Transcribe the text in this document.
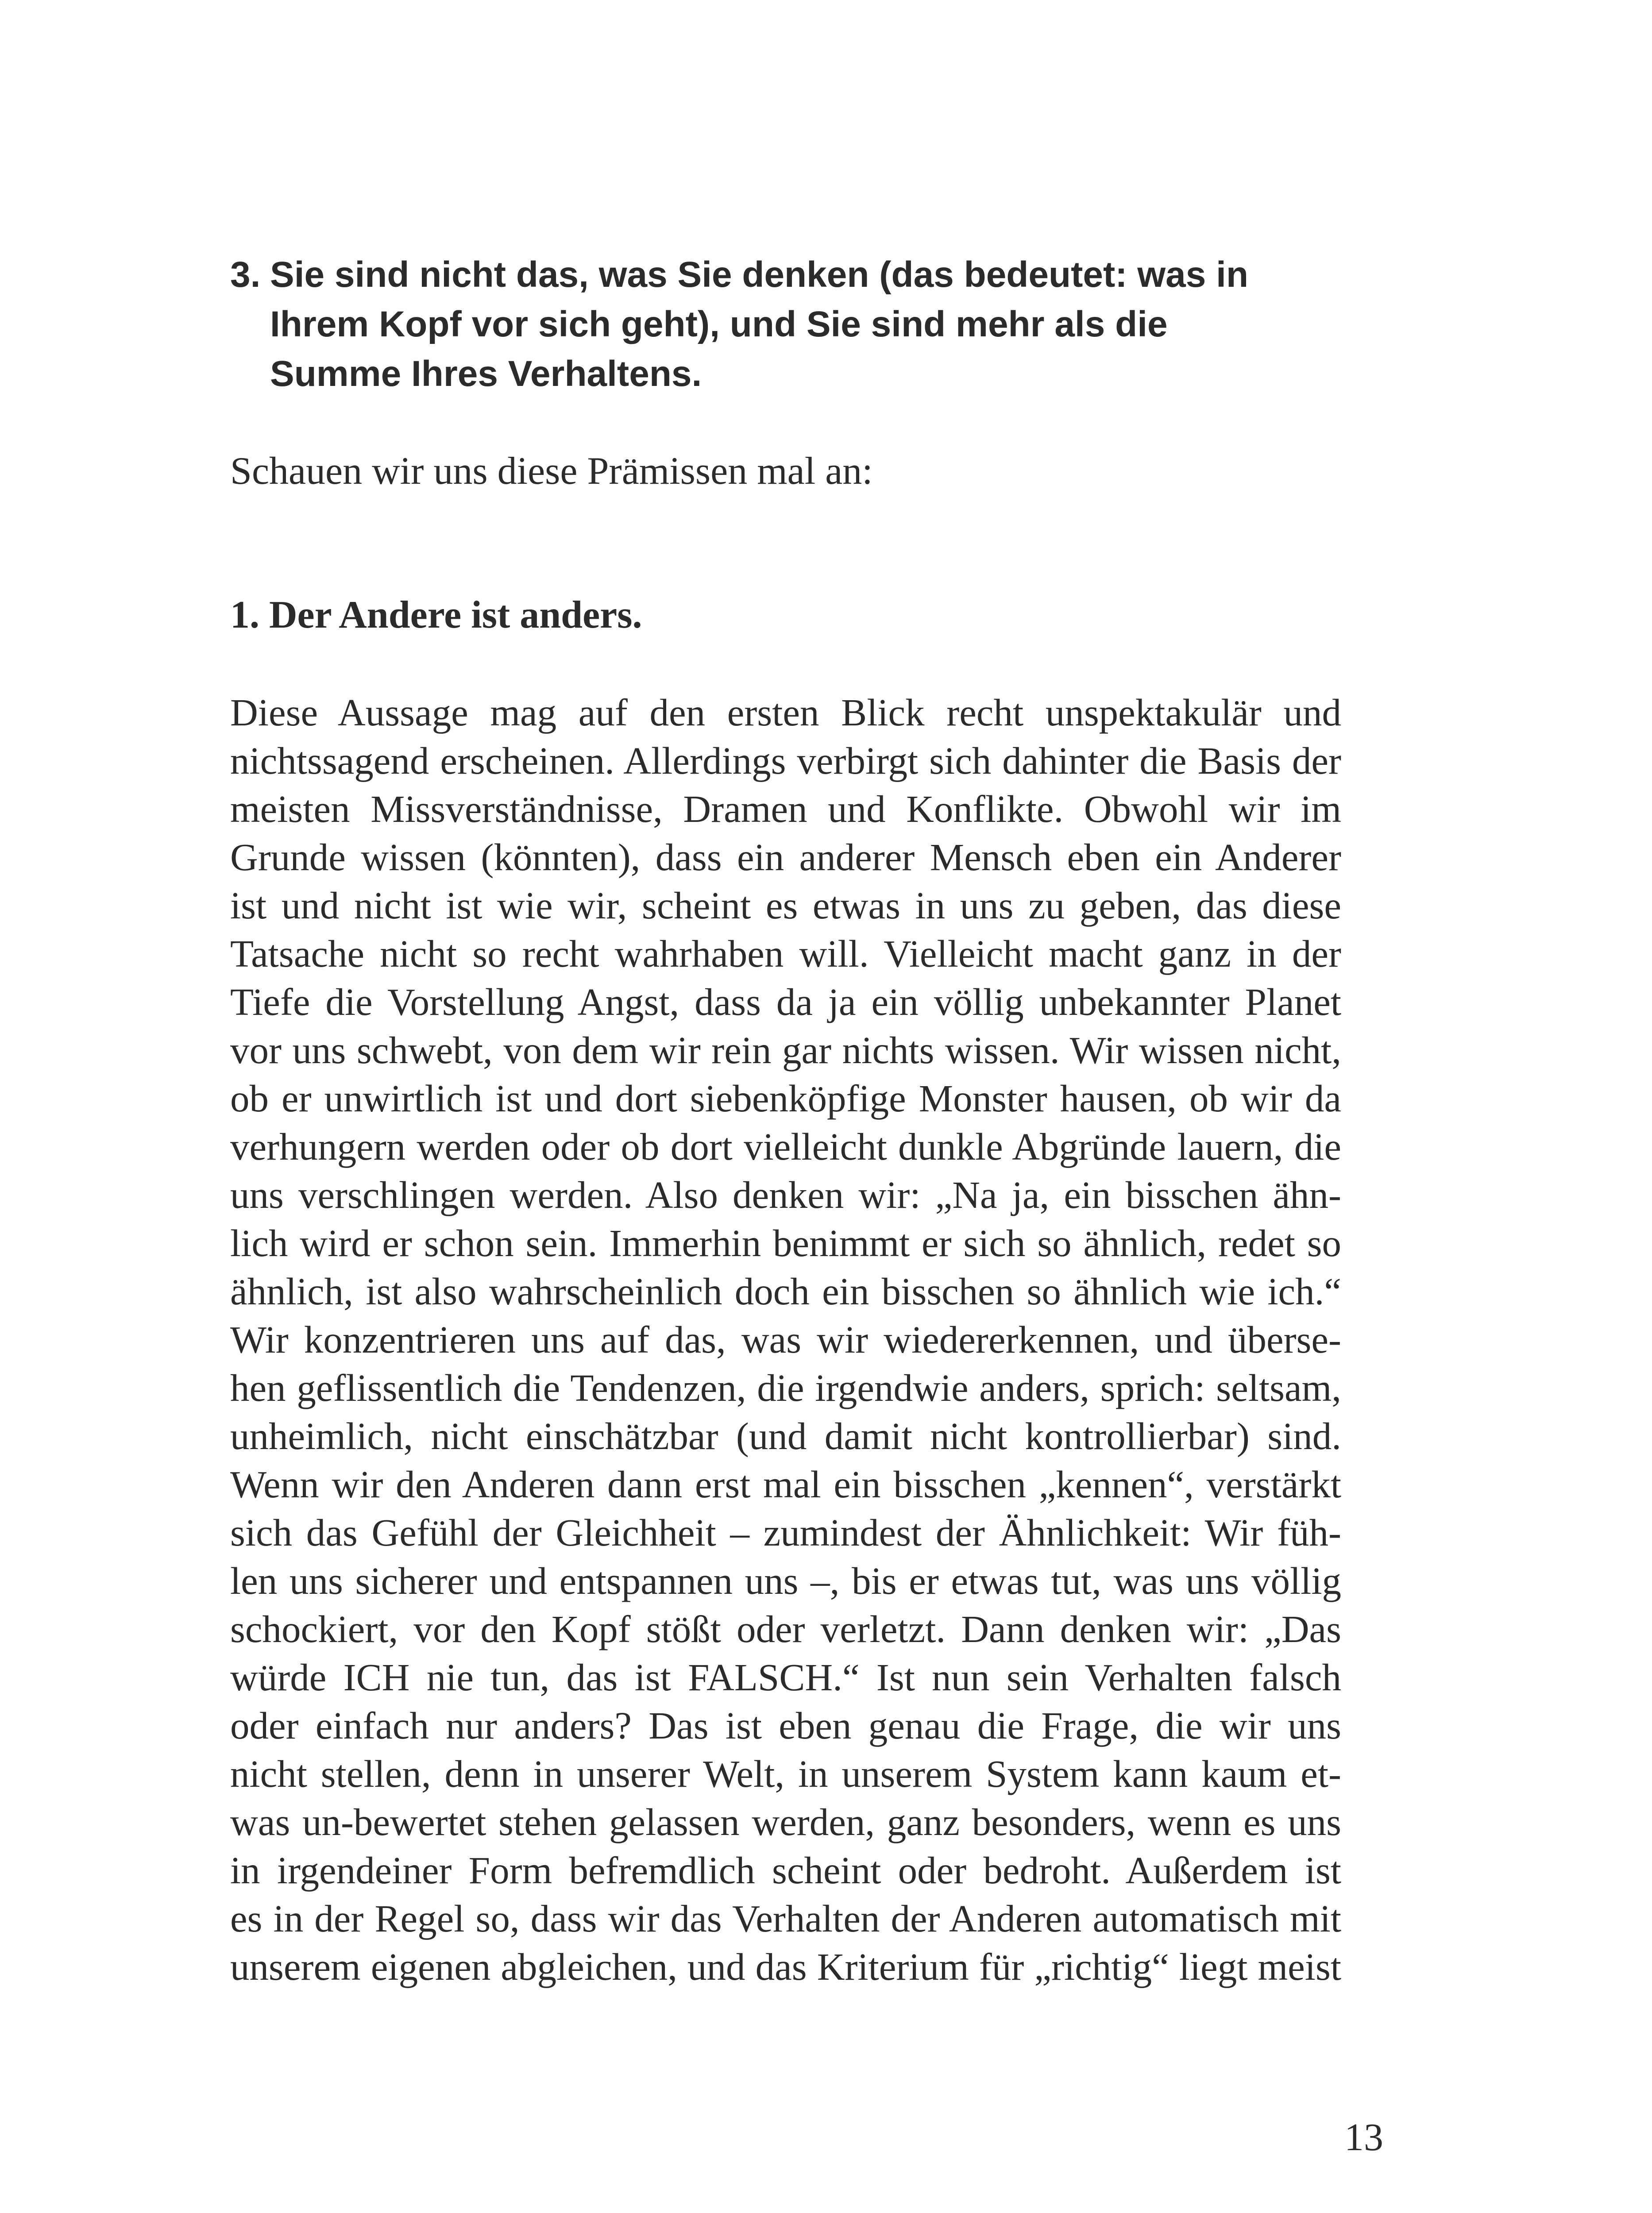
3. Sie sind nicht das, was Sie denken (das bedeutet: was in
Ihrem Kopf vor sich geht), und Sie sind mehr als die
Summe Ihres Verhaltens.
Schauen wir uns diese Prämissen mal an:
1. Der Andere ist anders.

Diese Aussage mag auf den ersten Blick recht unspektakulär und
nichtssagend erscheinen. Allerdings verbirgt sich dahinter die Basis der
meisten Missverständnisse, Dramen und Konflikte. Obwohl wir im
Grunde wissen (könnten), dass ein anderer Mensch eben ein Anderer
ist und nicht ist wie wir, scheint es etwas in uns zu geben, das diese
Tatsache nicht so recht wahrhaben will. Vielleicht macht ganz in der
Tiefe die Vorstellung Angst, dass da ja ein völlig unbekannter Planet
vor uns schwebt, von dem wir rein gar nichts wissen. Wir wissen nicht,
ob er unwirtlich ist und dort siebenköpfige Monster hausen, ob wir da
verhungern werden oder ob dort vielleicht dunkle Abgründe lauern, die
uns verschlingen werden. Also denken wir: „Na ja, ein bisschen ähn-
lich wird er schon sein. Immerhin benimmt er sich so ähnlich, redet so
ähnlich, ist also wahrscheinlich doch ein bisschen so ähnlich wie ich.“
Wir konzentrieren uns auf das, was wir wiedererkennen, und überse-
hen geflissentlich die Tendenzen, die irgendwie anders, sprich: seltsam,
unheimlich, nicht einschätzbar (und damit nicht kontrollierbar) sind.
Wenn wir den Anderen dann erst mal ein bisschen „kennen“, verstärkt
sich das Gefühl der Gleichheit – zumindest der Ähnlichkeit: Wir füh-
len uns sicherer und entspannen uns –, bis er etwas tut, was uns völlig
schockiert, vor den Kopf stößt oder verletzt. Dann denken wir: „Das
würde ICH nie tun, das ist FALSCH.“ Ist nun sein Verhalten falsch
oder einfach nur anders? Das ist eben genau die Frage, die wir uns
nicht stellen, denn in unserer Welt, in unserem System kann kaum et-
was un-bewertet stehen gelassen werden, ganz besonders, wenn es uns
in irgendeiner Form befremdlich scheint oder bedroht. Außerdem ist
es in der Regel so, dass wir das Verhalten der Anderen automatisch mit
unserem eigenen abgleichen, und das Kriterium für „richtig“ liegt meist

13
